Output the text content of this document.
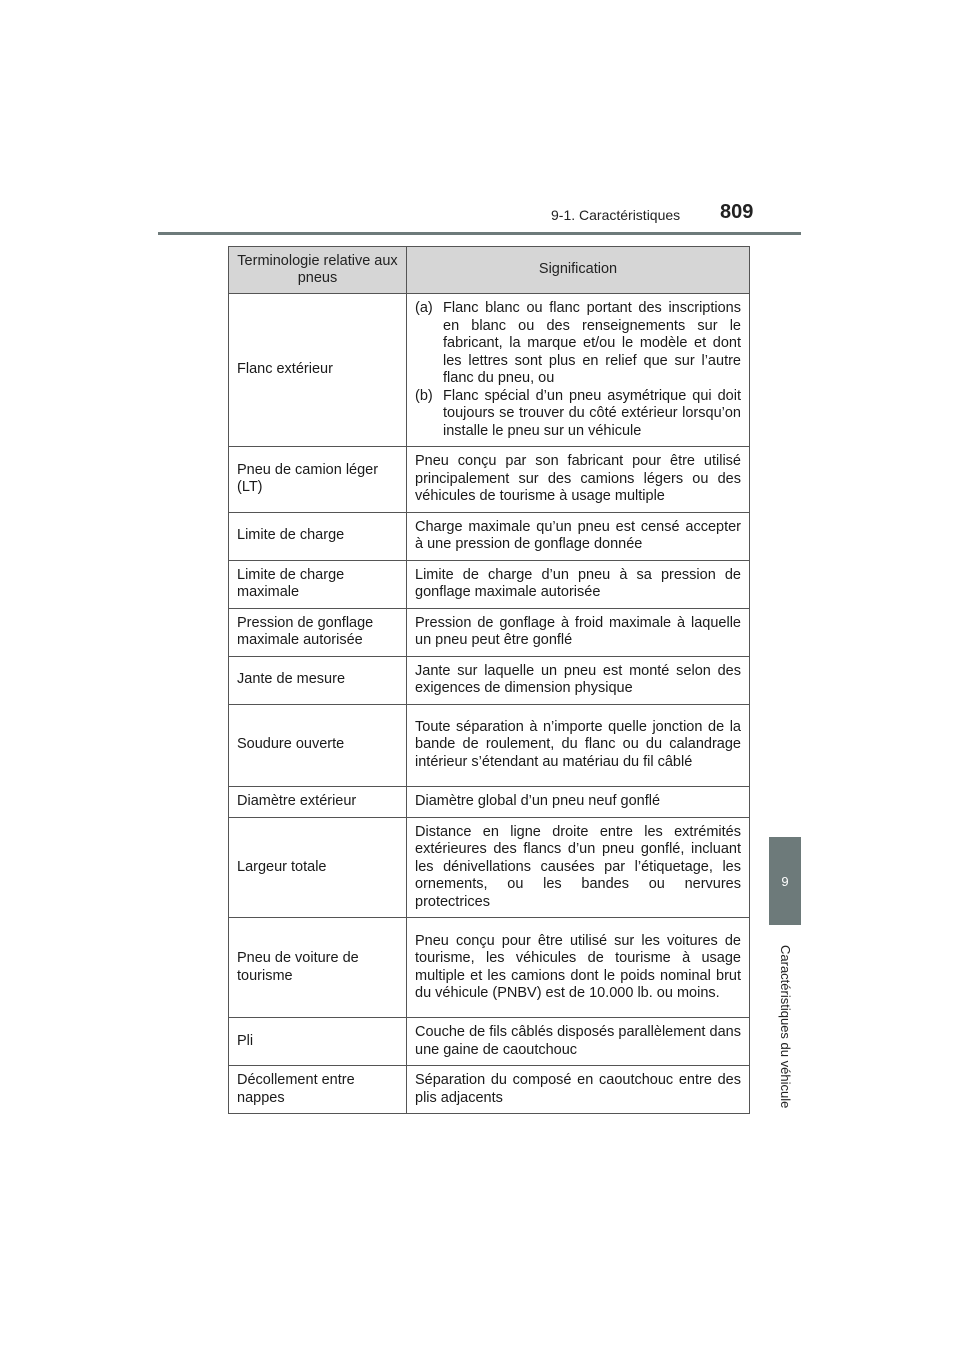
9-1. Caractéristiques 809
9
Caractéristiques du véhicule
Terminologie relative aux pneus	Signification
Flanc extérieur	(a) Flanc blanc ou flanc portant des inscriptions en blanc ou des renseignements sur le fabricant, la marque et/ou le modèle et dont les lettres sont plus en relief que sur l’autre flanc du pneu, ou
(b) Flanc spécial d’un pneu asymétrique qui doit toujours se trouver du côté extérieur lorsqu’on installe le pneu sur un véhicule

Pneu de camion léger (LT)	Pneu conçu par son fabricant pour être utilisé principalement sur des camions légers ou des véhicules de tourisme à usage multiple
Limite de charge	Charge maximale qu’un pneu est censé accepter à une pression de gonflage donnée
Limite de charge maximale	Limite de charge d’un pneu à sa pression de gonflage maximale autorisée
Pression de gonflage maximale autorisée	Pression de gonflage à froid maximale à laquelle un pneu peut être gonflé
Jante de mesure	Jante sur laquelle un pneu est monté selon des exigences de dimension physique
Soudure ouverte	Toute séparation à n’importe quelle jonction de la bande de roulement, du flanc ou du calandrage intérieur s’étendant au matériau du fil câblé
Diamètre extérieur	Diamètre global d’un pneu neuf gonflé
Largeur totale	Distance en ligne droite entre les extrémités extérieures des flancs d’un pneu gonflé, incluant les dénivellations causées par l’étiquetage, les ornements, ou les bandes ou nervures protectrices
Pneu de voiture de tourisme	Pneu conçu pour être utilisé sur les voitures de tourisme, les véhicules de tourisme à usage multiple et les camions dont le poids nominal brut du véhicule (PNBV) est de 10.000 lb. ou moins.
Pli	Couche de fils câblés disposés parallèlement dans une gaine de caoutchouc
Décollement entre nappes	Séparation du composé en caoutchouc entre des plis adjacents
